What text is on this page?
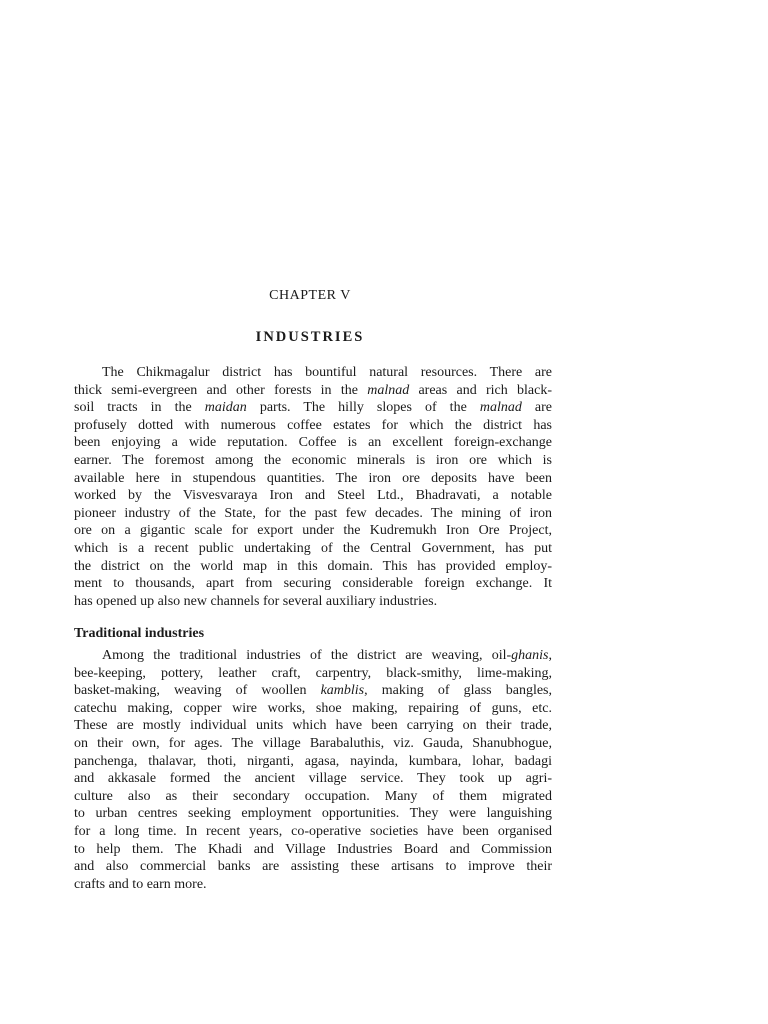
CHAPTER V
INDUSTRIES
The Chikmagalur district has bountiful natural resources. There are
thick semi-evergreen and other forests in the malnad areas and rich black-
soil tracts in the maidan parts. The hilly slopes of the malnad are
profusely dotted with numerous coffee estates for which the district has
been enjoying a wide reputation. Coffee is an excellent foreign-exchange
earner. The foremost among the economic minerals is iron ore which is
available here in stupendous quantities. The iron ore deposits have been
worked by the Visvesvaraya Iron and Steel Ltd., Bhadravati, a notable
pioneer industry of the State, for the past few decades. The mining of iron
ore on a gigantic scale for export under the Kudremukh Iron Ore Project,
which is a recent public undertaking of the Central Government, has put
the district on the world map in this domain. This has provided employ-
ment to thousands, apart from securing considerable foreign exchange. It
has opened up also new channels for several auxiliary industries.
Traditional industries
Among the traditional industries of the district are weaving, oil-ghanis,
bee-keeping, pottery, leather craft, carpentry, black-smithy, lime-making,
basket-making, weaving of woollen kamblis, making of glass bangles,
catechu making, copper wire works, shoe making, repairing of guns, etc.
These are mostly individual units which have been carrying on their trade,
on their own, for ages. The village Barabaluthis, viz. Gauda, Shanubhogue,
panchenga, thalavar, thoti, nirganti, agasa, nayinda, kumbara, lohar, badagi
and akkasale formed the ancient village service. They took up agri-
culture also as their secondary occupation. Many of them migrated
to urban centres seeking employment opportunities. They were languishing
for a long time. In recent years, co-operative societies have been organised
to help them. The Khadi and Village Industries Board and Commission
and also commercial banks are assisting these artisans to improve their
crafts and to earn more.
